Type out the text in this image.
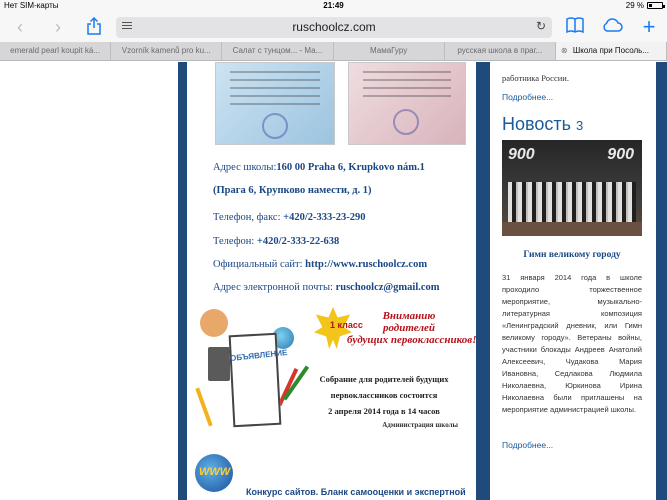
Нет SIM-карты	21:49	29 %
‹	›	ruschoolcz.com	↻	+
emerald pearl koupit ká...	Vzorník kamenů pro ku...	Салат с тунцом... - Ма...	МамаГуру	русская школа в праг...	⊗ Школа при Посоль...
Адрес школы:160 00 Praha 6, Krupkovo nám.1
(Прага 6, Крупково намести, д. 1)
Телефон, факс: +420/2-333-23-290
Телефон: +420/2-333-22-638
Официальный сайт: http://www.ruschoolcz.com
Адрес электронной почты: ruschoolcz@gmail.com
ОБЪЯВЛЕНИЕ
1 класс
Вниманию
родителей
будущих первоклассников!
Собрание для родителей будущих
первоклассников состоится
2 апреля 2014 года в 14 часов
Администрация школы
WWW
Конкурс сайтов. Бланк самооценки и экспертной
работника России.
Подробнее...
Новость 3
900	900
Гимн великому городу
31 января 2014 года в школе проходило торжественное мероприятие, музыкально-литературная композиция «Ленинградский дневник, или Гимн великому городу». Ветераны войны, участники блокады Андреев Анатолий Алексеевич, Чудакова Мария Ивановна, Седлакова Людмила Николаевна, Юркинова Ирина Николаевна были приглашены на мероприятие администрацией школы.
Подробнее...
